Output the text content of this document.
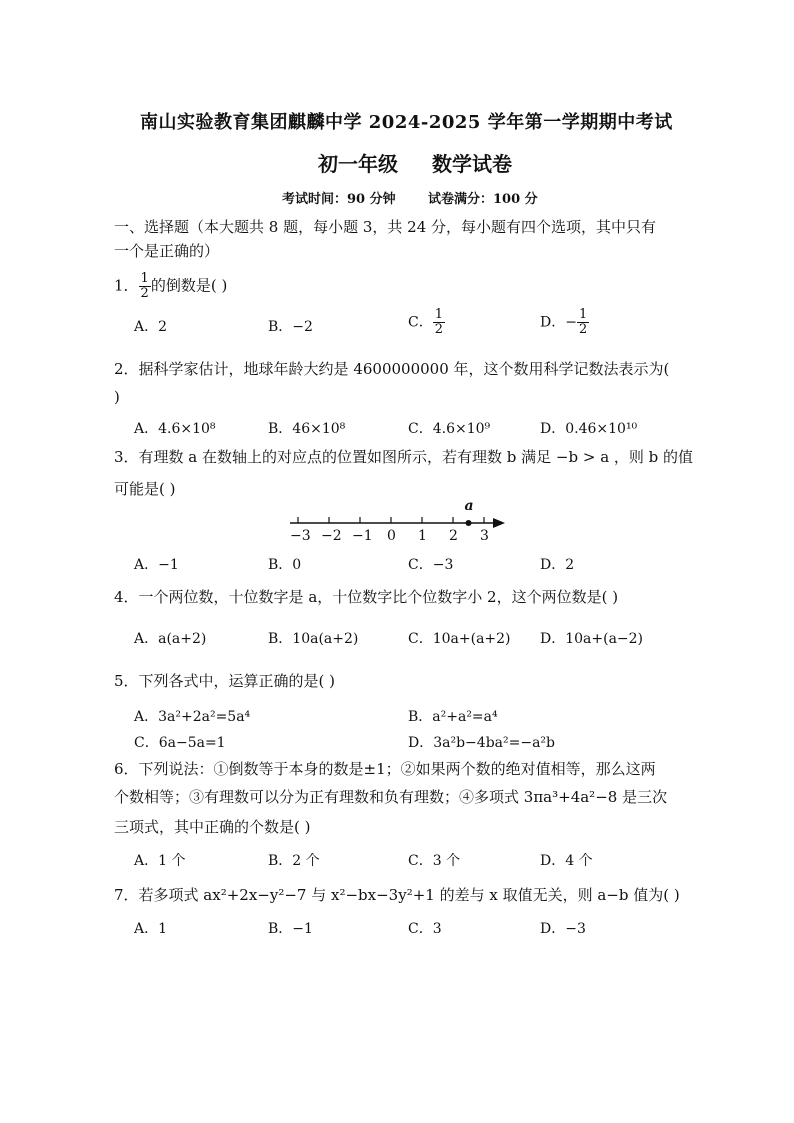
南山实验教育集团麒麟中学 2024-2025 学年第一学期期中考试
初一年级 数学试卷
考试时间：90 分钟 试卷满分：100 分
一、选择题（本大题共 8 题，每小题 3，共 24 分，每小题有四个选项，其中只有
一个是正确的）
1． $\frac{1}{2}$ 的倒数是( )
A．2	B．−2	C． $\frac{1}{2}$	D．− $\frac{1}{2}$
2．据科学家估计，地球年龄大约是 4600000000 年，这个数用科学记数法表示为(
)
A．4.6×10⁸	B．46×10⁸	C．4.6×10⁹	D．0.46×10¹⁰
3．有理数 a 在数轴上的对应点的位置如图所示，若有理数 b 满足 −b > a ，则 b 的值
可能是( )
−3 −2 −1 0 1 2 3
a
A．−1	B．0	C．−3	D．2
4．一个两位数，十位数字是 a，十位数字比个位数字小 2，这个两位数是( )
A．a(a+2)	B．10a(a+2)	C．10a+(a+2) D．10a+(a−2)
5．下列各式中，运算正确的是( )
A．3a²+2a²=5a⁴	B．a²+a²=a⁴
C．6a−5a=1	D．3a²b−4ba²=−a²b
6．下列说法：①倒数等于本身的数是±1；②如果两个数的绝对值相等，那么这两
个数相等；③有理数可以分为正有理数和负有理数；④多项式 3πa³+4a²−8 是三次
三项式，其中正确的个数是( )
A．1 个	B．2 个	C．3 个	D．4 个
7．若多项式 ax²+2x−y²−7 与 x²−bx−3y²+1 的差与 x 取值无关，则 a−b 值为( )
A．1	B．−1	C．3	D．−3
